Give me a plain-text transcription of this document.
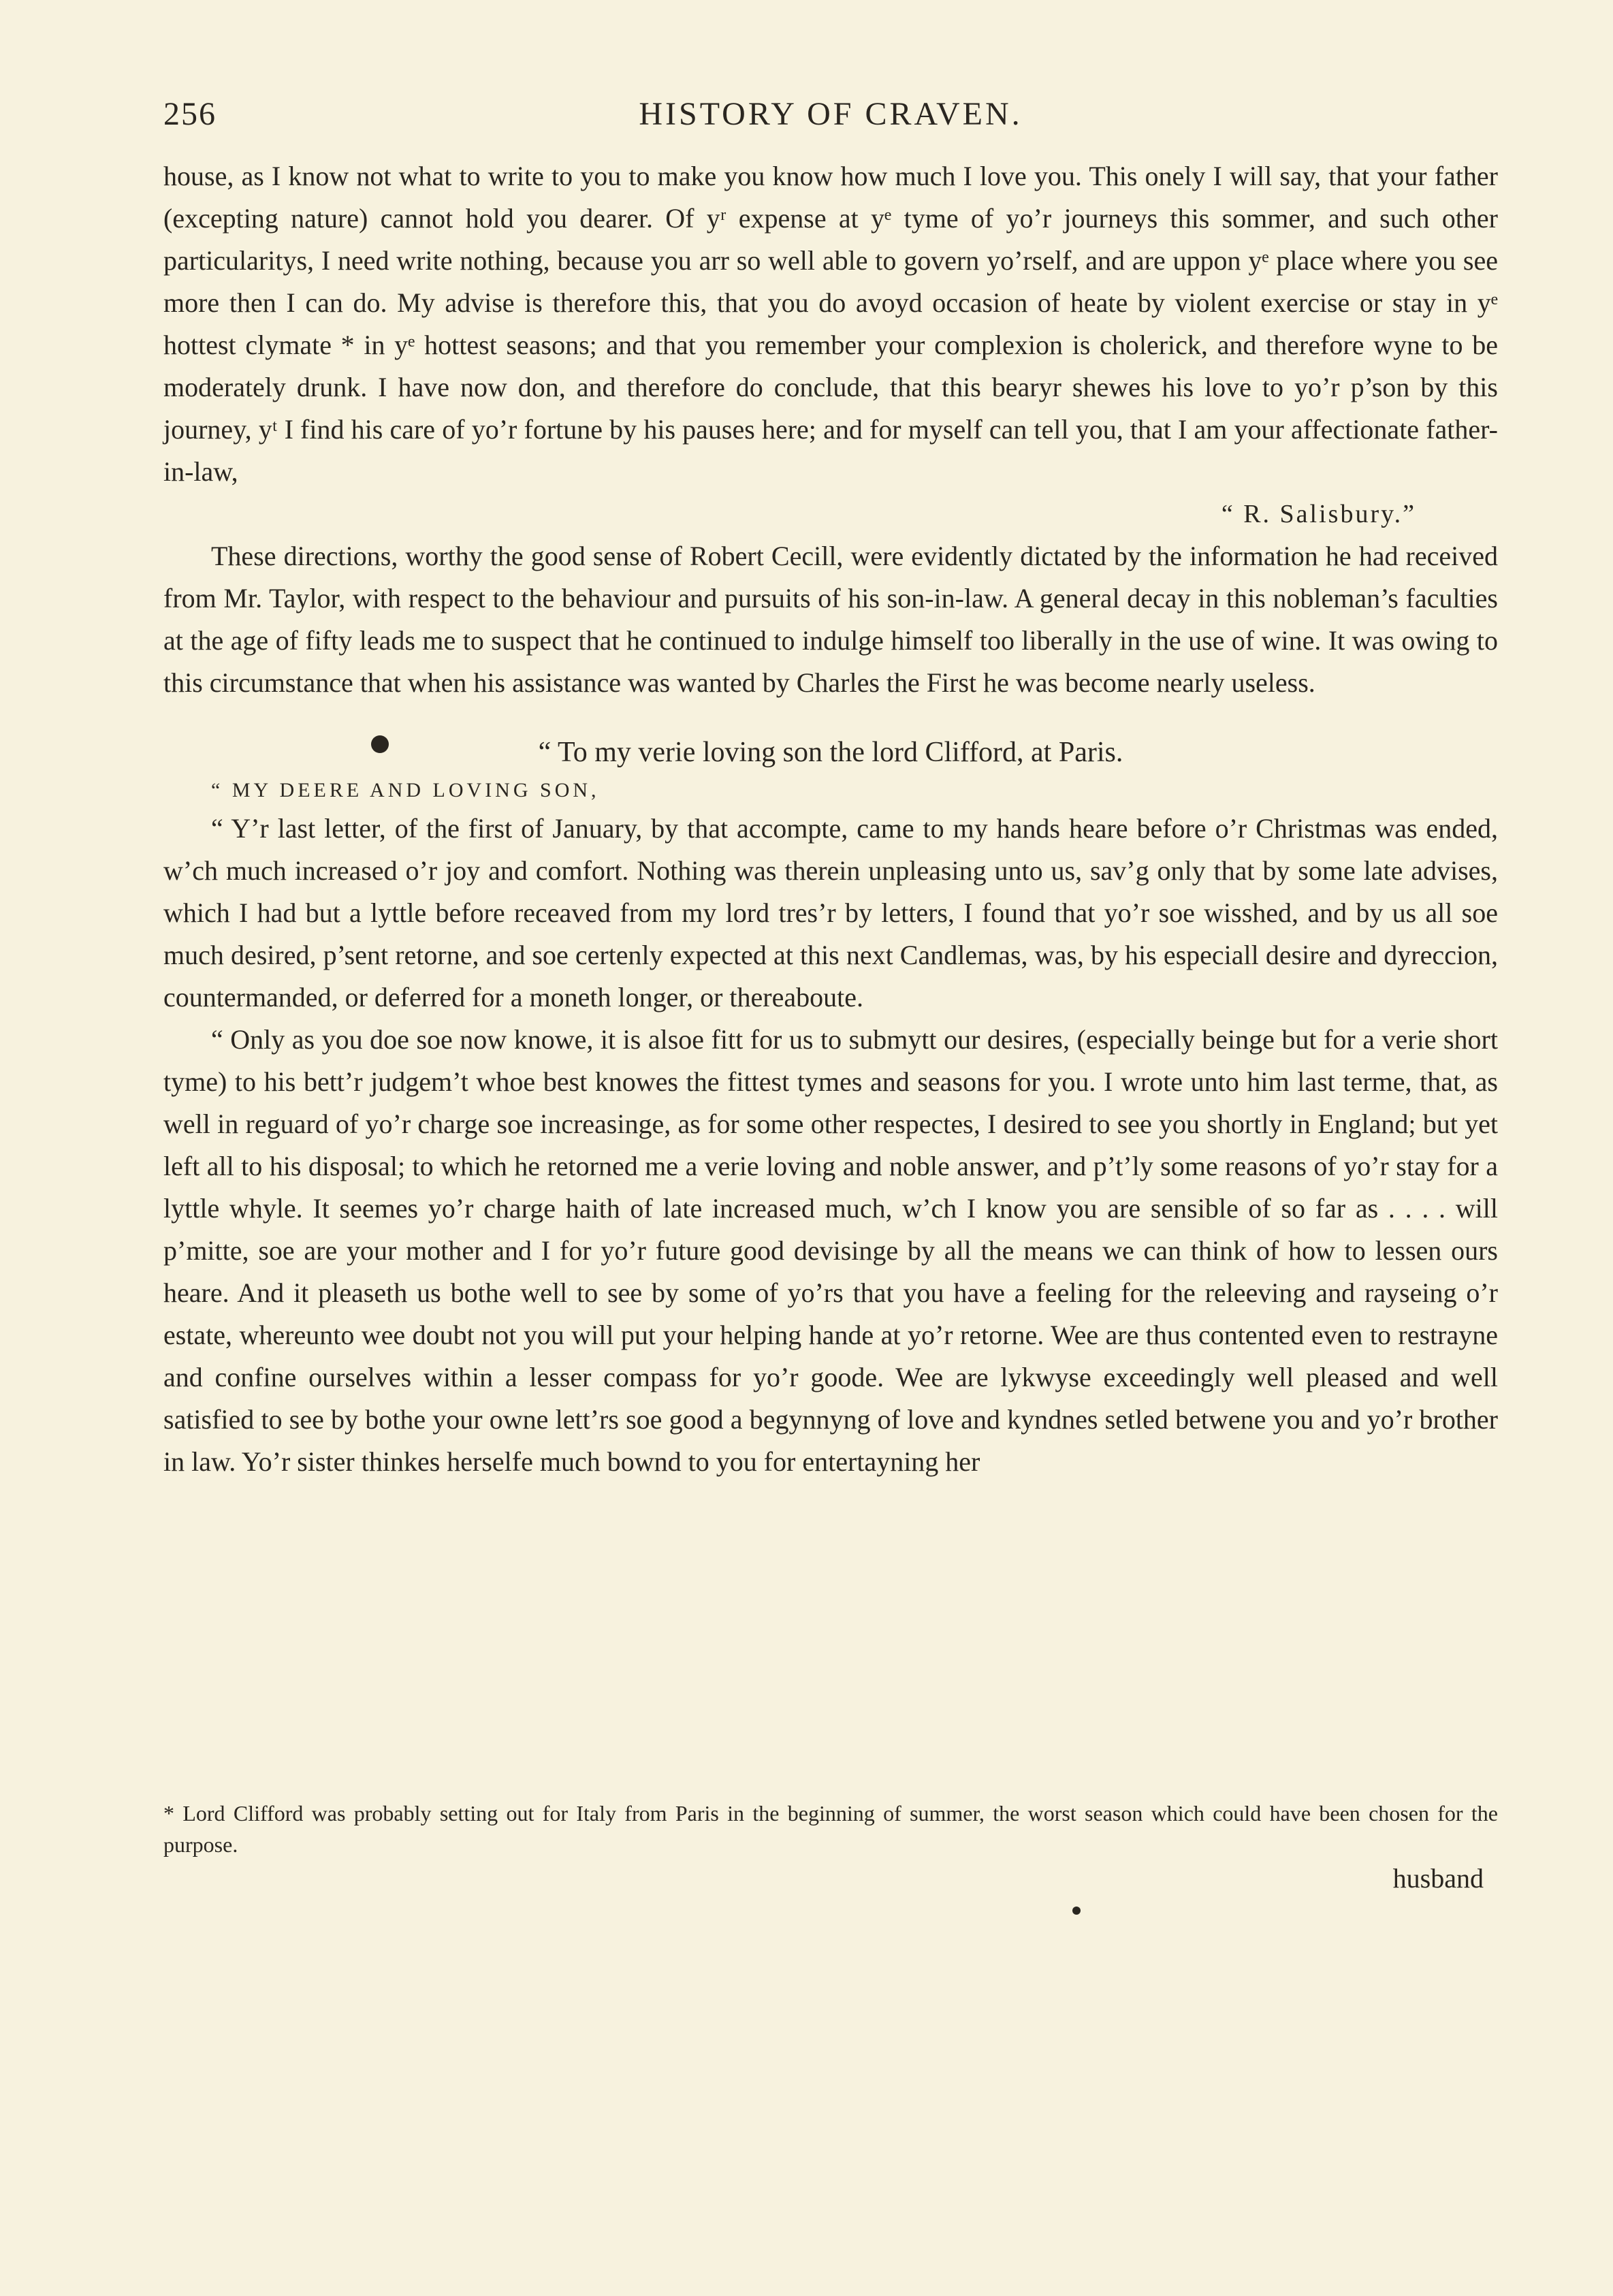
256	HISTORY OF CRAVEN.

house, as I know not what to write to you to make you know how much I love you. This onely I will say, that your father (excepting nature) cannot hold you dearer. Of yʳ expense at yᵉ tyme of yo’r journeys this sommer, and such other particularitys, I need write nothing, because you arr so well able to govern yo’rself, and are uppon yᵉ place where you see more then I can do. My advise is therefore this, that you do avoyd occasion of heate by violent exercise or stay in yᵉ hottest clymate * in yᵉ hottest seasons; and that you remember your complexion is cholerick, and therefore wyne to be moderately drunk. I have now don, and therefore do conclude, that this bearyr shewes his love to yo’r p’son by this journey, yᵗ I find his care of yo’r fortune by his pauses here; and for myself can tell you, that I am your affectionate father-in-law,

“ R. Salisbury.”

These directions, worthy the good sense of Robert Cecill, were evidently dictated by the information he had received from Mr. Taylor, with respect to the behaviour and pursuits of his son-in-law. A general decay in this nobleman’s faculties at the age of fifty leads me to suspect that he continued to indulge himself too liberally in the use of wine. It was owing to this circumstance that when his assistance was wanted by Charles the First he was become nearly useless.

“ To my verie loving son the lord Clifford, at Paris.

“ MY DEERE AND LOVING SON,

“ Y’r last letter, of the first of January, by that accompte, came to my hands heare before o’r Christmas was ended, w’ch much increased o’r joy and comfort. Nothing was therein unpleasing unto us, sav’g only that by some late advises, which I had but a lyttle before receaved from my lord tres’r by letters, I found that yo’r soe wisshed, and by us all soe much desired, p’sent retorne, and soe certenly expected at this next Candlemas, was, by his especiall desire and dyreccion, countermanded, or deferred for a moneth longer, or thereaboute.

“ Only as you doe soe now knowe, it is alsoe fitt for us to submytt our desires, (especially beinge but for a verie short tyme) to his bett’r judgem’t whoe best knowes the fittest tymes and seasons for you. I wrote unto him last terme, that, as well in reguard of yo’r charge soe increasinge, as for some other respectes, I desired to see you shortly in England; but yet left all to his disposal; to which he retorned me a verie loving and noble answer, and p’t’ly some reasons of yo’r stay for a lyttle whyle. It seemes yo’r charge haith of late increased much, w’ch I know you are sensible of so far as . . . . will p’mitte, soe are your mother and I for yo’r future good devisinge by all the means we can think of how to lessen ours heare. And it pleaseth us bothe well to see by some of yo’rs that you have a feeling for the releeving and rayseing o’r estate, whereunto wee doubt not you will put your helping hande at yo’r retorne. Wee are thus contented even to restrayne and confine ourselves within a lesser compass for yo’r goode. Wee are lykwyse exceedingly well pleased and well satisfied to see by bothe your owne lett’rs soe good a begynnyng of love and kyndnes setled betwene you and yo’r brother in law. Yo’r sister thinkes herselfe much bownd to you for entertayning her

* Lord Clifford was probably setting out for Italy from Paris in the beginning of summer, the worst season which could have been chosen for the purpose.
husband
